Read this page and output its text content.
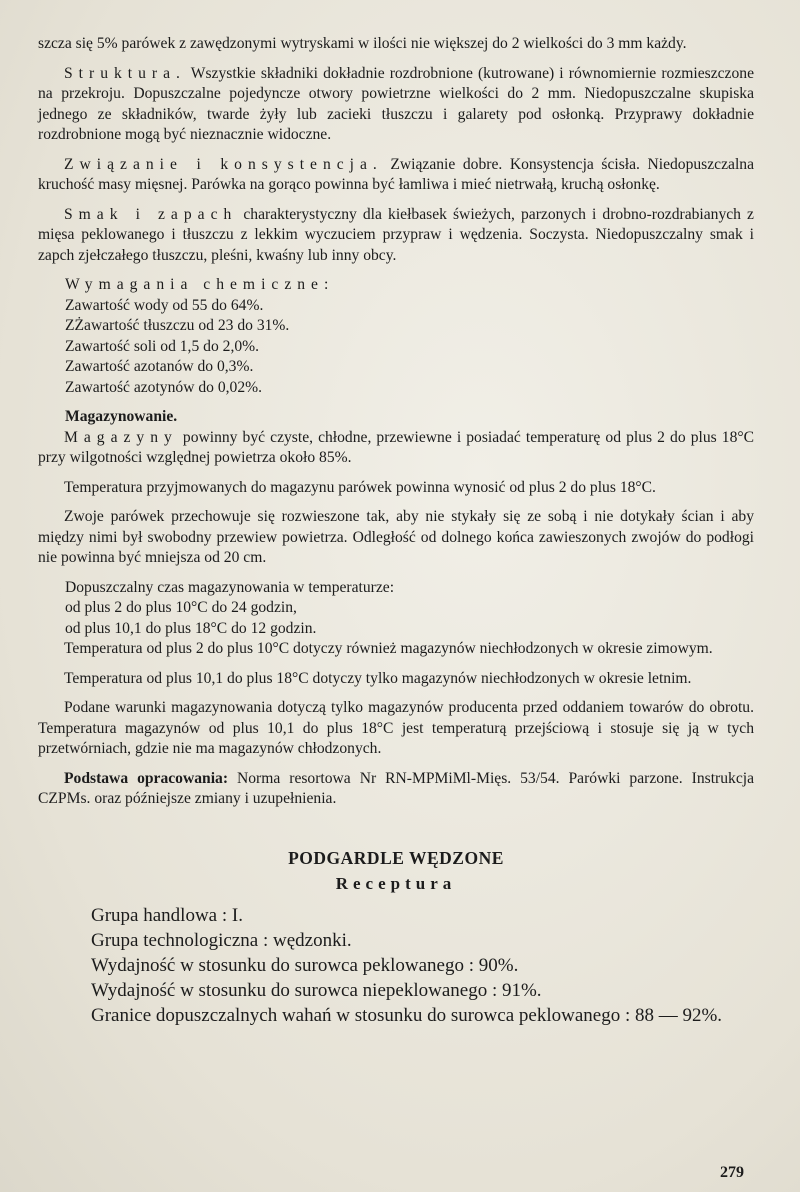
szcza się 5% parówek z zawędzonymi wytryskami w ilości nie większej do 2 wielkości do 3 mm każdy.

Struktura. Wszystkie składniki dokładnie rozdrobnione (kutrowane) i równomiernie rozmieszczone na przekroju. Dopuszczalne pojedyncze otwory powietrzne wielkości do 2 mm. Niedopuszczalne skupiska jednego ze składników, twarde żyły lub zacieki tłuszczu i galarety pod osłonką. Przyprawy dokładnie rozdrobnione mogą być nieznacznie widoczne.

Związanie i konsystencja. Związanie dobre. Konsystencja ścisła. Niedopuszczalna kruchość masy mięsnej. Parówka na gorąco powinna być łamliwa i mieć nietrwałą, kruchą osłonkę.

Smak i zapach charakterystyczny dla kiełbasek świeżych, parzonych i drobno-rozdrabianych z mięsa peklowanego i tłuszczu z lekkim wyczuciem przypraw i wędzenia. Soczysta. Niedopuszczalny smak i zapch zjełczałego tłuszczu, pleśni, kwaśny lub inny obcy.

Wymagania chemiczne:
Zawartość wody od 55 do 64%.
ZŻawartość tłuszczu od 23 do 31%.
Zawartość soli od 1,5 do 2,0%.
Zawartość azotanów do 0,3%.
Zawartość azotynów do 0,02%.
Magazynowanie.

Magazyny powinny być czyste, chłodne, przewiewne i posiadać temperaturę od plus 2 do plus 18°C przy wilgotności względnej powietrza około 85%.

Temperatura przyjmowanych do magazynu parówek powinna wynosić od plus 2 do plus 18°C.

Zwoje parówek przechowuje się rozwieszone tak, aby nie stykały się ze sobą i nie dotykały ścian i aby między nimi był swobodny przewiew powietrza. Odległość od dolnego końca zawieszonych zwojów do podłogi nie powinna być mniejsza od 20 cm.

Dopuszczalny czas magazynowania w temperaturze:
od plus 2 do plus 10°C do 24 godzin,
od plus 10,1 do plus 18°C do 12 godzin.

Temperatura od plus 2 do plus 10°C dotyczy również magazynów niechłodzonych w okresie zimowym.

Temperatura od plus 10,1 do plus 18°C dotyczy tylko magazynów niechłodzonych w okresie letnim.

Podane warunki magazynowania dotyczą tylko magazynów producenta przed oddaniem towarów do obrotu. Temperatura magazynów od plus 10,1 do plus 18°C jest temperaturą przejściową i stosuje się ją w tych przetwórniach, gdzie nie ma magazynów chłodzonych.

Podstawa opracowania: Norma resortowa Nr RN-MPMiMl-Mięs. 53/54. Parówki parzone. Instrukcja CZPMs. oraz późniejsze zmiany i uzupełnienia.

PODGARDLE WĘDZONE
Receptura
Grupa handlowa : I.
Grupa technologiczna : wędzonki.
Wydajność w stosunku do surowca peklowanego : 90%.
Wydajność w stosunku do surowca niepeklowanego : 91%.
Granice dopuszczalnych wahań w stosunku do surowca peklowanego : 88 — 92%.
279
